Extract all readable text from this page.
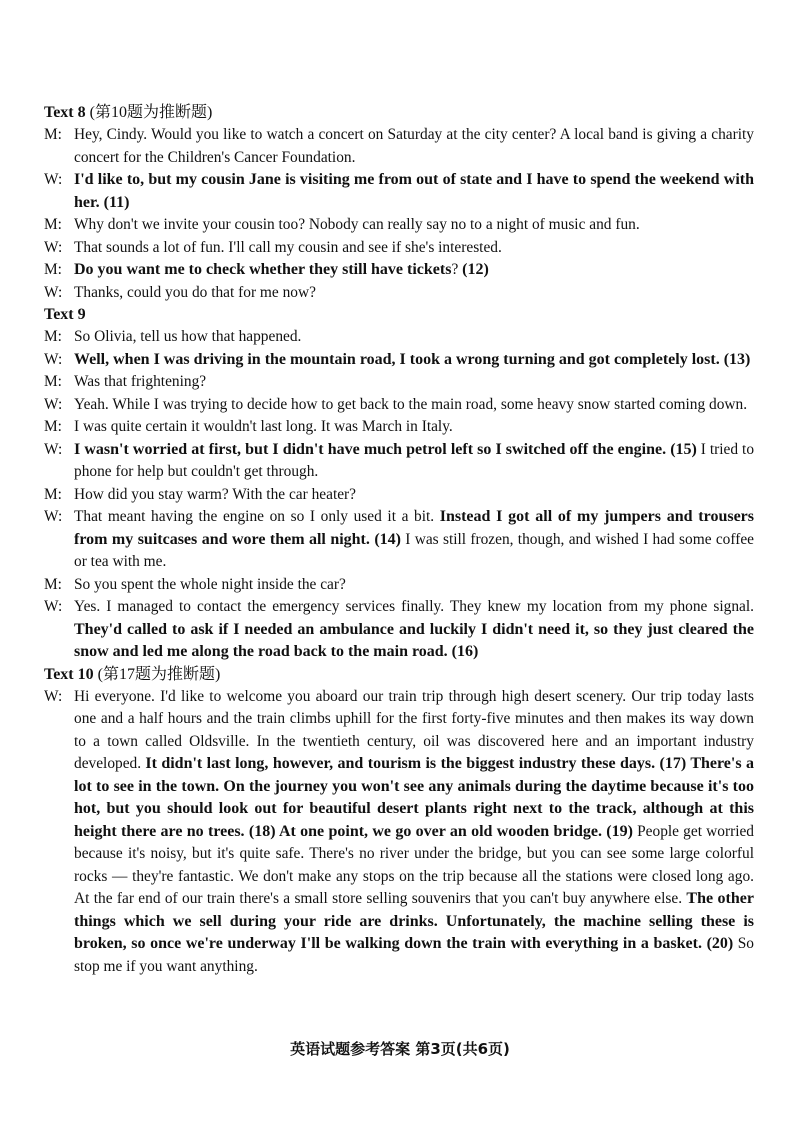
Text 8 (第10题为推断题)

M: Hey, Cindy. Would you like to watch a concert on Saturday at the city center? A local band is giving a charity concert for the Children's Cancer Foundation.

W: I'd like to, but my cousin Jane is visiting me from out of state and I have to spend the weekend with her. (11)

M: Why don't we invite your cousin too? Nobody can really say no to a night of music and fun.

W: That sounds a lot of fun. I'll call my cousin and see if she's interested.

M: Do you want me to check whether they still have tickets? (12)

W: Thanks, could you do that for me now?

Text 9

M: So Olivia, tell us how that happened.

W: Well, when I was driving in the mountain road, I took a wrong turning and got completely lost. (13)

M: Was that frightening?

W: Yeah. While I was trying to decide how to get back to the main road, some heavy snow started coming down.

M: I was quite certain it wouldn't last long. It was March in Italy.

W: I wasn't worried at first, but I didn't have much petrol left so I switched off the engine. (15) I tried to phone for help but couldn't get through.

M: How did you stay warm? With the car heater?

W: That meant having the engine on so I only used it a bit. Instead I got all of my jumpers and trousers from my suitcases and wore them all night. (14) I was still frozen, though, and wished I had some coffee or tea with me.

M: So you spent the whole night inside the car?

W: Yes. I managed to contact the emergency services finally. They knew my location from my phone signal. They'd called to ask if I needed an ambulance and luckily I didn't need it, so they just cleared the snow and led me along the road back to the main road. (16)

Text 10 (第17题为推断题)

W: Hi everyone. I'd like to welcome you aboard our train trip through high desert scenery. Our trip today lasts one and a half hours and the train climbs uphill for the first forty-five minutes and then makes its way down to a town called Oldsville. In the twentieth century, oil was discovered here and an important industry developed. It didn't last long, however, and tourism is the biggest industry these days. (17) There's a lot to see in the town. On the journey you won't see any animals during the daytime because it's too hot, but you should look out for beautiful desert plants right next to the track, although at this height there are no trees. (18) At one point, we go over an old wooden bridge. (19) People get worried because it's noisy, but it's quite safe. There's no river under the bridge, but you can see some large colorful rocks — they're fantastic. We don't make any stops on the trip because all the stations were closed long ago. At the far end of our train there's a small store selling souvenirs that you can't buy anywhere else. The other things which we sell during your ride are drinks. Unfortunately, the machine selling these is broken, so once we're underway I'll be walking down the train with everything in a basket. (20) So stop me if you want anything.

英语试题参考答案 第3页(共6页)
